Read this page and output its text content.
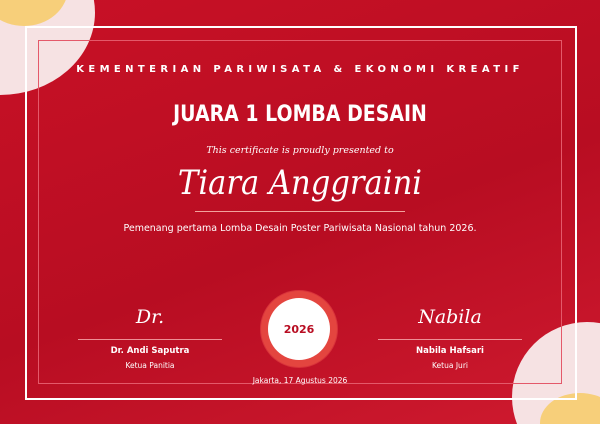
KEMENTERIAN PARIWISATA & EKONOMI KREATIF
JUARA 1 LOMBA DESAIN
This certificate is proudly presented to
Tiara Anggraini
Pemenang pertama Lomba Desain Poster Pariwisata Nasional tahun 2026.
Dr.
Dr. Andi Saputra
Ketua Panitia
2026
Nabila
Nabila Hafsari
Ketua Juri
Jakarta, 17 Agustus 2026
